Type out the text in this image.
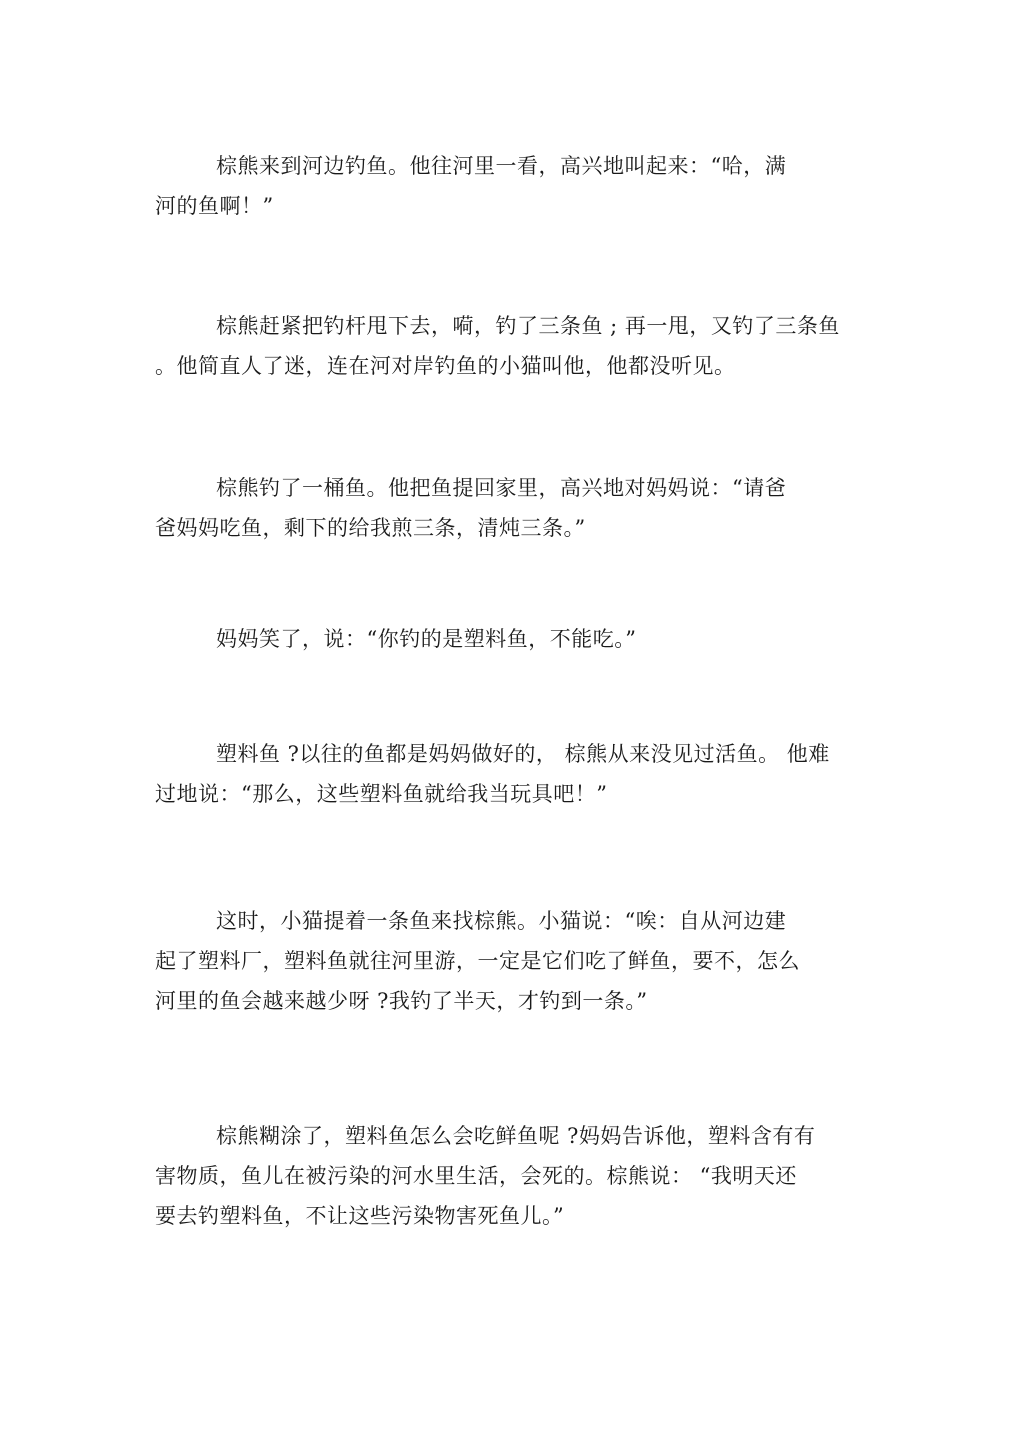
棕熊来到河边钓鱼。他往河里一看，高兴地叫起来：“哈，满
河的鱼啊！”
棕熊赶紧把钓杆甩下去，嗬，钓了三条鱼 ; 再一甩，又钓了三条鱼
。他简直人了迷，连在河对岸钓鱼的小猫叫他，他都没听见。
棕熊钓了一桶鱼。他把鱼提回家里，高兴地对妈妈说：“请爸
爸妈妈吃鱼，剩下的给我煎三条，清炖三条。”
妈妈笑了，说：“你钓的是塑料鱼，不能吃。”
塑料鱼 ?以往的鱼都是妈妈做好的， 棕熊从来没见过活鱼。 他难
过地说：“那么，这些塑料鱼就给我当玩具吧！”
这时，小猫提着一条鱼来找棕熊。小猫说：“唉：自从河边建
起了塑料厂，塑料鱼就往河里游，一定是它们吃了鲜鱼，要不，怎么
河里的鱼会越来越少呀 ?我钓了半天，才钓到一条。”
棕熊糊涂了，塑料鱼怎么会吃鲜鱼呢 ?妈妈告诉他，塑料含有有
害物质，鱼儿在被污染的河水里生活，会死的。棕熊说： “我明天还
要去钓塑料鱼，不让这些污染物害死鱼儿。”
